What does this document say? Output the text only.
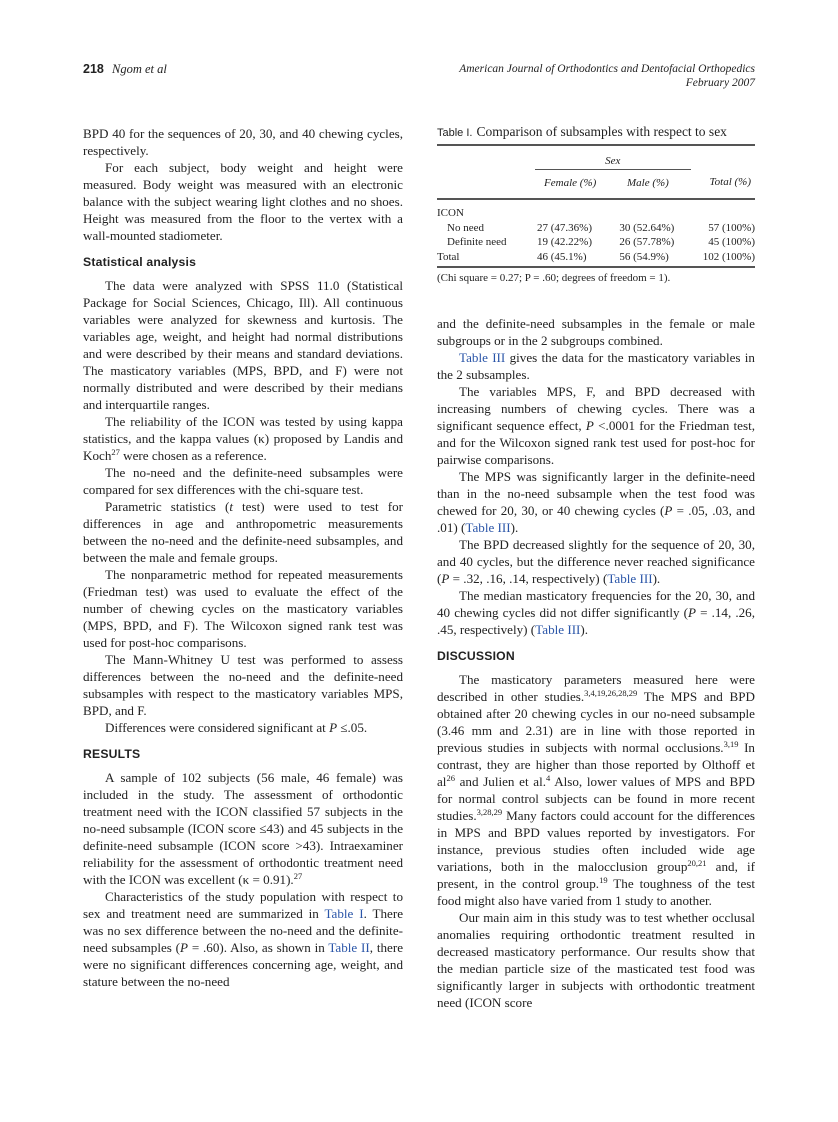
218 Ngom et al	American Journal of Orthodontics and Dentofacial Orthopedics
February 2007

BPD 40 for the sequences of 20, 30, and 40 chewing cycles, respectively.

For each subject, body weight and height were measured. Body weight was measured with an electronic balance with the subject wearing light clothes and no shoes. Height was measured from the floor to the vertex with a wall-mounted stadiometer.

Statistical analysis

The data were analyzed with SPSS 11.0 (Statistical Package for Social Sciences, Chicago, Ill). All continuous variables were analyzed for skewness and kurtosis. The variables age, weight, and height had normal distributions and were described by their means and standard deviations. The masticatory variables (MPS, BPD, and F) were not normally distributed and were described by their medians and interquartile ranges.

The reliability of the ICON was tested by using kappa statistics, and the kappa values (κ) proposed by Landis and Koch$^{27}$ were chosen as a reference.

The no-need and the definite-need subsamples were compared for sex differences with the chi-square test.

Parametric statistics (t test) were used to test for differences in age and anthropometric measurements between the no-need and the definite-need subsamples, and between the male and female groups.

The nonparametric method for repeated measurements (Friedman test) was used to evaluate the effect of the number of chewing cycles on the masticatory variables (MPS, BPD, and F). The Wilcoxon signed rank test was used for post-hoc comparisons.

The Mann-Whitney U test was performed to assess differences between the no-need and the definite-need subsamples with respect to the masticatory variables MPS, BPD, and F.

Differences were considered significant at P ≤.05.

RESULTS

A sample of 102 subjects (56 male, 46 female) was included in the study. The assessment of orthodontic treatment need with the ICON classified 57 subjects in the no-need subsample (ICON score ≤43) and 45 subjects in the definite-need subsample (ICON score >43). Intraexaminer reliability for the assessment of orthodontic treatment need with the ICON was excellent (κ = 0.91).$^{27}$

Characteristics of the study population with respect to sex and treatment need are summarized in Table I. There was no sex difference between the no-need and the definite-need subsamples (P = .60). Also, as shown in Table II, there were no significant differences concerning age, weight, and stature between the no-need

Table I. Comparison of subsamples with respect to sex
	Sex		
	Female (%)	Male (%)	Total (%)
ICON			
No need	27 (47.36%)	30 (52.64%)	57 (100%)
Definite need	19 (42.22%)	26 (57.78%)	45 (100%)
Total	46 (45.1%)	56 (54.9%)	102 (100%)
(Chi square = 0.27; P = .60; degrees of freedom = 1).

and the definite-need subsamples in the female or male subgroups or in the 2 subgroups combined.

Table III gives the data for the masticatory variables in the 2 subsamples.

The variables MPS, F, and BPD decreased with increasing numbers of chewing cycles. There was a significant sequence effect, P <.0001 for the Friedman test, and for the Wilcoxon signed rank test used for post-hoc for pairwise comparisons.

The MPS was significantly larger in the definite-need than in the no-need subsample when the test food was chewed for 20, 30, or 40 chewing cycles (P = .05, .03, and .01) (Table III).

The BPD decreased slightly for the sequence of 20, 30, and 40 cycles, but the difference never reached significance (P = .32, .16, .14, respectively) (Table III).

The median masticatory frequencies for the 20, 30, and 40 chewing cycles did not differ significantly (P = .14, .26, .45, respectively) (Table III).

DISCUSSION

The masticatory parameters measured here were described in other studies.$^{3,4,19,26,28,29}$ The MPS and BPD obtained after 20 chewing cycles in our no-need subsample (3.46 mm and 2.31) are in line with those reported in previous studies in subjects with normal occlusions.$^{3,19}$ In contrast, they are higher than those reported by Olthoff et $al^{26}$ and Julien et al.$^4$ Also, lower values of MPS and BPD for normal control subjects can be found in more recent studies.$^{3,28,29}$ Many factors could account for the differences in MPS and BPD values reported by investigators. For instance, previous studies often included wide age variations, both in the malocclusion group$^{20,21}$ and, if present, in the control group.$^{19}$ The toughness of the test food might also have varied from 1 study to another.

Our main aim in this study was to test whether occlusal anomalies requiring orthodontic treatment resulted in decreased masticatory performance. Our results show that the median particle size of the masticated test food was significantly larger in subjects with orthodontic treatment need (ICON score
